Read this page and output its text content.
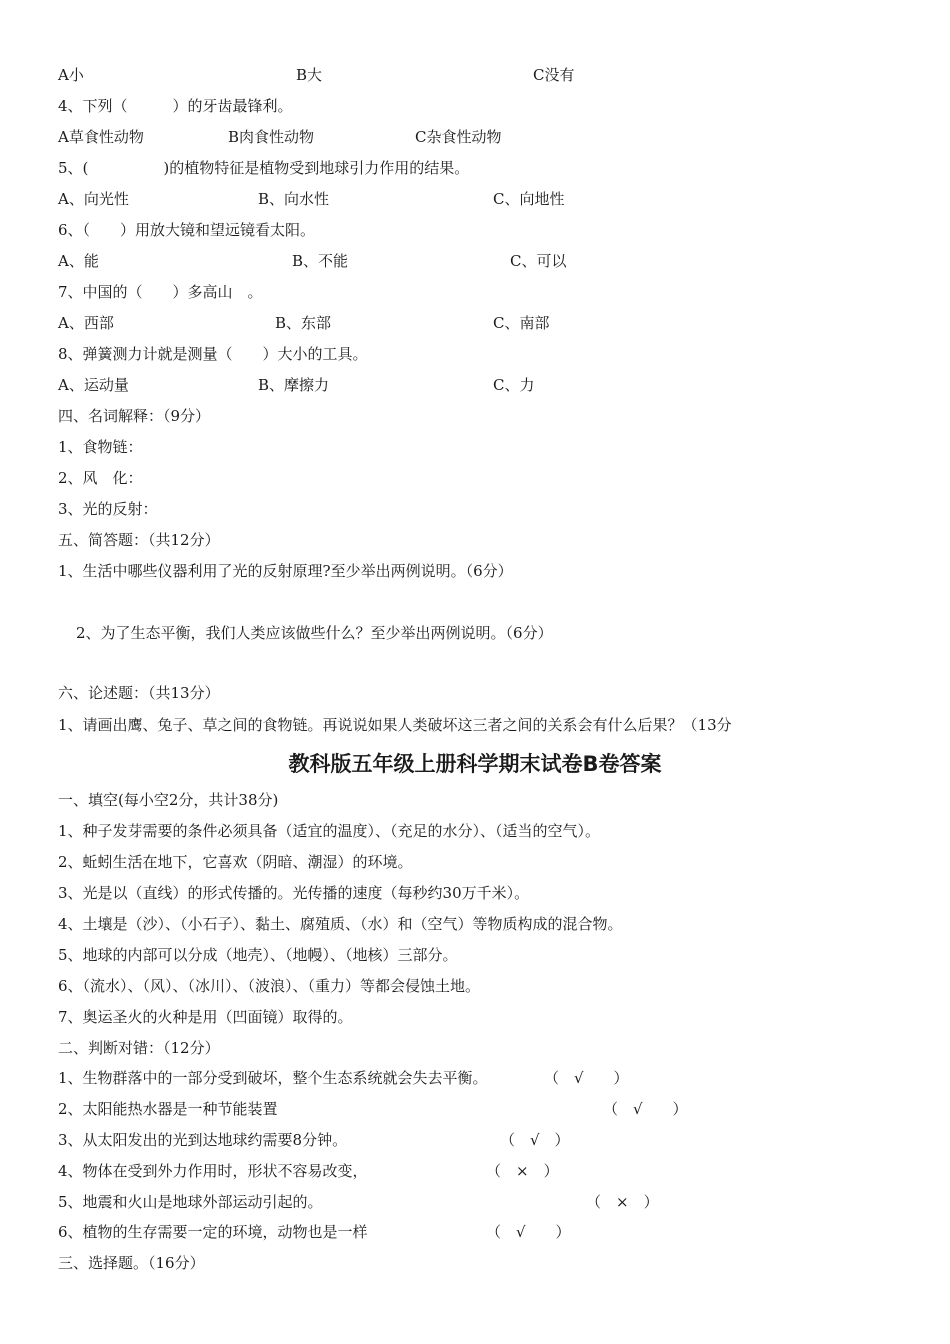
A小	B大	C没有
4、下列（　　　）的牙齿最锋利。
A草食性动物	B肉食性动物	C杂食性动物
5、(　　　　　)的植物特征是植物受到地球引力作用的结果。
A、向光性	B、向水性	C、向地性
6、（　　）用放大镜和望远镜看太阳。
A、能	B、不能	C、可以
7、中国的（　　）多高山　。
A、西部	B、东部	C、南部
8、弹簧测力计就是测量（　　）大小的工具。
A、运动量	B、摩擦力	C、力
四、名词解释：（9分）
1、食物链：
2、风　化：
3、光的反射：
五、简答题：（共12分）
1、生活中哪些仪器利用了光的反射原理?至少举出两例说明。（6分）
2、为了生态平衡，我们人类应该做些什么？至少举出两例说明。（6分）
六、论述题：（共13分）
1、请画出鹰、兔子、草之间的食物链。再说说如果人类破坏这三者之间的关系会有什么后果？（13分
教科版五年级上册科学期末试卷B卷答案
一、填空(每小空2分，共计38分)
1、种子发芽需要的条件必须具备（适宜的温度）、（充足的水分）、（适当的空气）。
2、蚯蚓生活在地下，它喜欢（阴暗、潮湿）的环境。
3、光是以（直线）的形式传播的。光传播的速度（每秒约30万千米）。
4、土壤是（沙）、（小石子）、黏土、腐殖质、（水）和（空气）等物质构成的混合物。
5、地球的内部可以分成（地壳）、（地幔）、（地核）三部分。
6、（流水）、（风）、（冰川）、（波浪）、（重力）等都会侵蚀土地。
7、奥运圣火的火种是用（凹面镜）取得的。
二、判断对错：（12分）
1、生物群落中的一部分受到破坏，整个生态系统就会失去平衡。	（　√　　）
2、太阳能热水器是一种节能装置	（　√　　）
3、从太阳发出的光到达地球约需要8分钟。	（　√　）
4、物体在受到外力作用时，形状不容易改变，	（　×　）
5、地震和火山是地球外部运动引起的。	（　×　）
6、植物的生存需要一定的环境，动物也是一样	（　√　　）
三、选择题。（16分）
